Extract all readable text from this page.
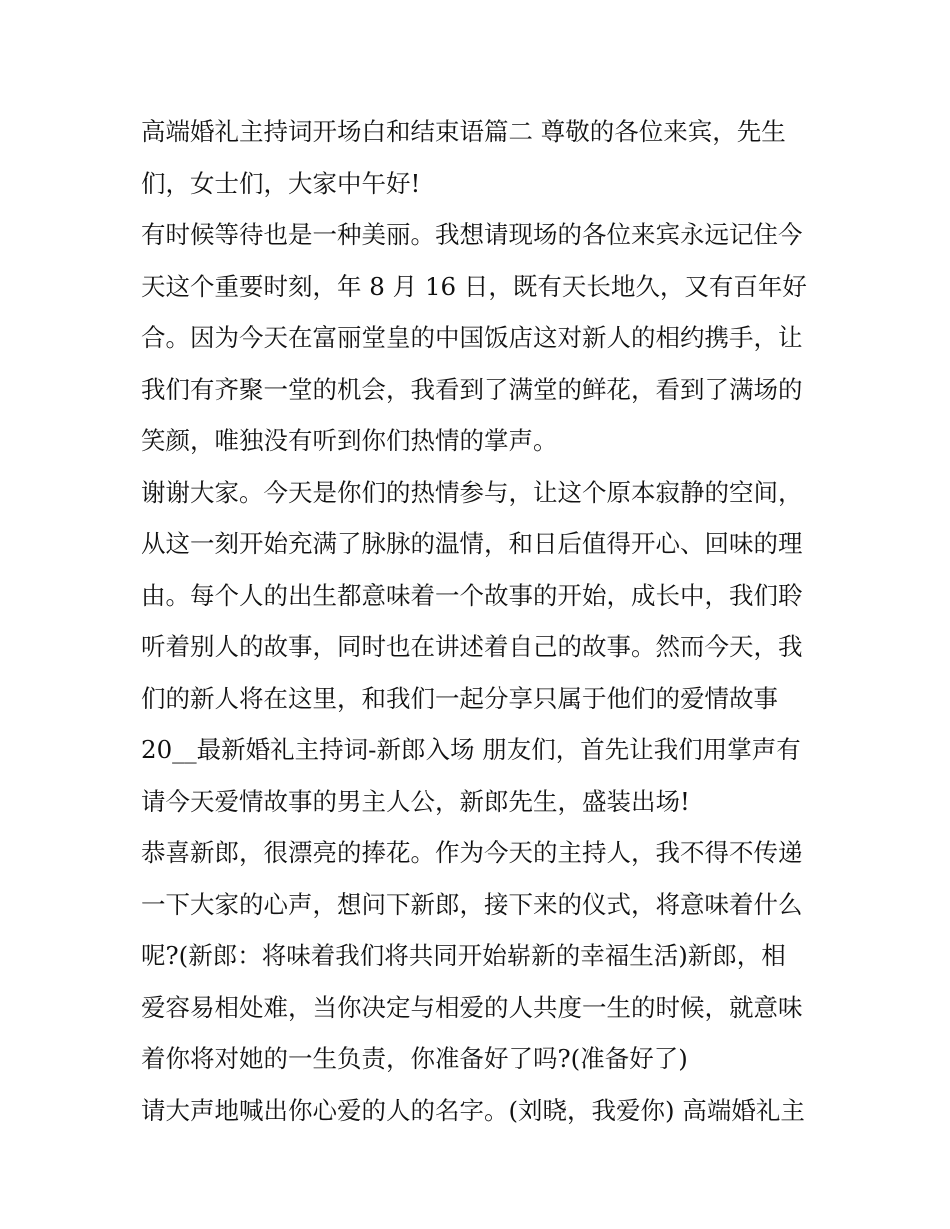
高端婚礼主持词开场白和结束语篇二 尊敬的各位来宾，先生
们，女士们，大家中午好!
有时候等待也是一种美丽。我想请现场的各位来宾永远记住今
天这个重要时刻，年 8 月 16 日，既有天长地久，又有百年好
合。因为今天在富丽堂皇的中国饭店这对新人的相约携手，让
我们有齐聚一堂的机会，我看到了满堂的鲜花，看到了满场的
笑颜，唯独没有听到你们热情的掌声。
谢谢大家。今天是你们的热情参与，让这个原本寂静的空间，
从这一刻开始充满了脉脉的温情，和日后值得开心、回味的理
由。每个人的出生都意味着一个故事的开始，成长中，我们聆
听着别人的故事，同时也在讲述着自己的故事。然而今天，我
们的新人将在这里，和我们一起分享只属于他们的爱情故事
20__最新婚礼主持词-新郎入场 朋友们，首先让我们用掌声有
请今天爱情故事的男主人公，新郎先生，盛装出场!
恭喜新郎，很漂亮的捧花。作为今天的主持人，我不得不传递
一下大家的心声，想问下新郎，接下来的仪式，将意味着什么
呢?(新郎：将味着我们将共同开始崭新的幸福生活)新郎，相
爱容易相处难，当你决定与相爱的人共度一生的时候，就意味
着你将对她的一生负责，你准备好了吗?(准备好了)
请大声地喊出你心爱的人的名字。(刘晓，我爱你) 高端婚礼主
